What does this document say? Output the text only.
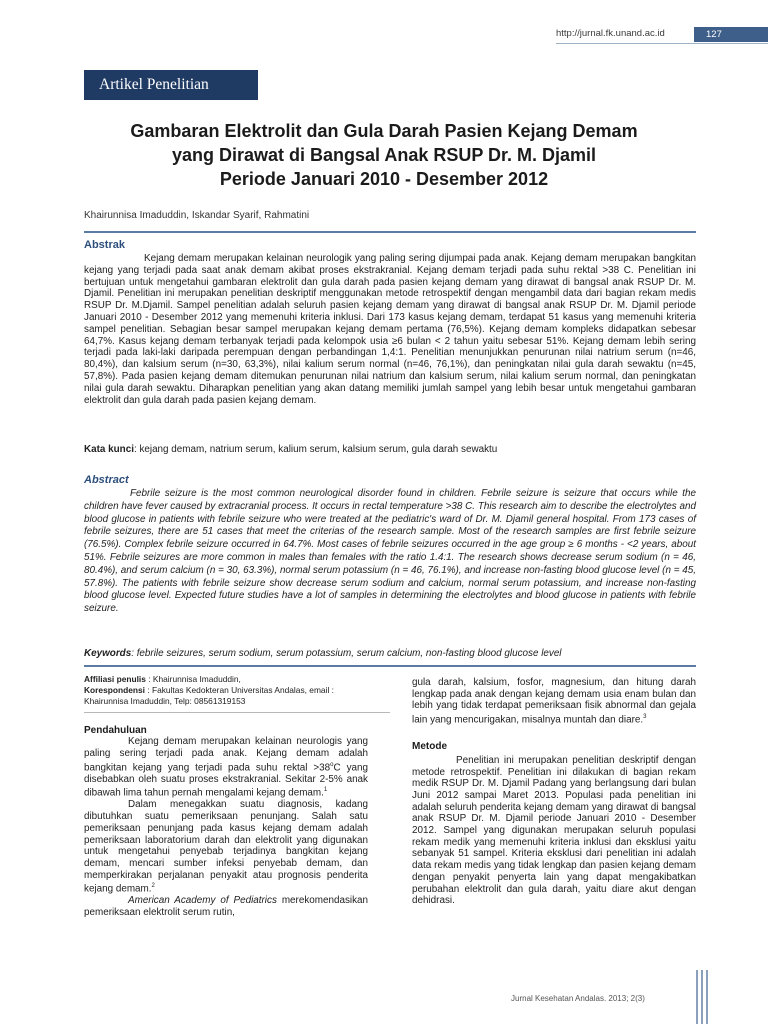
http://jurnal.fk.unand.ac.id	127
Artikel Penelitian
Gambaran Elektrolit dan Gula Darah Pasien Kejang Demam
yang Dirawat di Bangsal Anak RSUP Dr. M. Djamil
Periode Januari 2010 - Desember 2012
Khairunnisa Imaduddin, Iskandar Syarif, Rahmatini
Abstrak

Kejang demam merupakan kelainan neurologik yang paling sering dijumpai pada anak. Kejang demam merupakan bangkitan kejang yang terjadi pada saat anak demam akibat proses ekstrakranial. Kejang demam terjadi pada suhu rektal >38 C. Penelitian ini bertujuan untuk mengetahui gambaran elektrolit dan gula darah pada pasien kejang demam yang dirawat di bangsal anak RSUP Dr. M. Djamil. Penelitian ini merupakan penelitian deskriptif menggunakan metode retrospektif dengan mengambil data dari bagian rekam medis RSUP Dr. M.Djamil. Sampel penelitian adalah seluruh pasien kejang demam yang dirawat di bangsal anak RSUP Dr. M. Djamil periode Januari 2010 - Desember 2012 yang memenuhi kriteria inklusi. Dari 173 kasus kejang demam, terdapat 51 kasus yang memenuhi kriteria sampel penelitian. Sebagian besar sampel merupakan kejang demam pertama (76,5%). Kejang demam kompleks didapatkan sebesar 64,7%. Kasus kejang demam terbanyak terjadi pada kelompok usia ≥6 bulan < 2 tahun yaitu sebesar 51%. Kejang demam lebih sering terjadi pada laki-laki daripada perempuan dengan perbandingan 1,4:1. Penelitian menunjukkan penurunan nilai natrium serum (n=46, 80,4%), dan kalsium serum (n=30, 63,3%), nilai kalium serum normal (n=46, 76,1%), dan peningkatan nilai gula darah sewaktu (n=45, 57,8%). Pada pasien kejang demam ditemukan penurunan nilai natrium dan kalsium serum, nilai kalium serum normal, dan peningkatan nilai gula darah sewaktu. Diharapkan penelitian yang akan datang memiliki jumlah sampel yang lebih besar untuk mengetahui gambaran elektrolit dan gula darah pada pasien kejang demam.

Kata kunci: kejang demam, natrium serum, kalium serum, kalsium serum, gula darah sewaktu
Abstract

Febrile seizure is the most common neurological disorder found in children. Febrile seizure is seizure that occurs while the children have fever caused by extracranial process. It occurs in rectal temperature >38 C. This research aim to describe the electrolytes and blood glucose in patients with febrile seizure who were treated at the pediatric's ward of Dr. M. Djamil general hospital. From 173 cases of febrile seizures, there are 51 cases that meet the criterias of the research sample. Most of the research samples are first febrile seizure (76.5%). Complex febrile seizure occurred in 64.7%. Most cases of febrile seizures occurred in the age group ≥ 6 months - <2 years, about 51%. Febrile seizures are more common in males than females with the ratio 1.4:1. The research shows decrease serum sodium (n = 46, 80.4%), and serum calcium (n = 30, 63.3%), normal serum potassium (n = 46, 76.1%), and increase non-fasting blood glucose level (n = 45, 57.8%). The patients with febrile seizure show decrease serum sodium and calcium, normal serum potassium, and increase non-fasting blood glucose level. Expected future studies have a lot of samples in determining the electrolytes and blood glucose in patients with febrile seizure.

Keywords: febrile seizures, serum sodium, serum potassium, serum calcium, non-fasting blood glucose level
Affiliasi penulis : Khairunnisa Imaduddin,
Korespondensi : Fakultas Kedokteran Universitas Andalas, email :
Khairunnisa Imaduddin, Telp: 08561319153
Pendahuluan

Kejang demam merupakan kelainan neurologis yang paling sering terjadi pada anak. Kejang demam adalah bangkitan kejang yang terjadi pada suhu rektal $>38^oC$ yang disebabkan oleh suatu proses ekstrakranial. Sekitar 2-5% anak dibawah lima tahun pernah mengalami kejang demam.$^1$

Dalam menegakkan suatu diagnosis, kadang dibutuhkan suatu pemeriksaan penunjang. Salah satu pemeriksaan penunjang pada kasus kejang demam adalah pemeriksaan laboratorium darah dan elektrolit yang digunakan untuk mengetahui penyebab terjadinya bangkitan kejang demam, mencari sumber infeksi penyebab demam, dan memperkirakan perjalanan penyakit atau prognosis penderita kejang demam.$^2$

American Academy of Pediatrics merekomendasikan pemeriksaan elektrolit serum rutin,

gula darah, kalsium, fosfor, magnesium, dan hitung darah lengkap pada anak dengan kejang demam usia enam bulan dan lebih yang tidak terdapat pemeriksaan fisik abnormal dan gejala lain yang mencurigakan, misalnya muntah dan diare.$^3$

Metode

Penelitian ini merupakan penelitian deskriptif dengan metode retrospektif. Penelitian ini dilakukan di bagian rekam medik RSUP Dr. M. Djamil Padang yang berlangsung dari bulan Juni 2012 sampai Maret 2013. Populasi pada penelitian ini adalah seluruh penderita kejang demam yang dirawat di bangsal anak RSUP Dr. M. Djamil periode Januari 2010 - Desember 2012. Sampel yang digunakan merupakan seluruh populasi rekam medik yang memenuhi kriteria inklusi dan eksklusi yaitu sebanyak 51 sampel. Kriteria eksklusi dari penelitian ini adalah data rekam medis yang tidak lengkap dan pasien kejang demam dengan penyakit penyerta lain yang dapat mengakibatkan perubahan elektrolit dan gula darah, yaitu diare akut dengan dehidrasi.

Jurnal Kesehatan Andalas. 2013; 2(3)
